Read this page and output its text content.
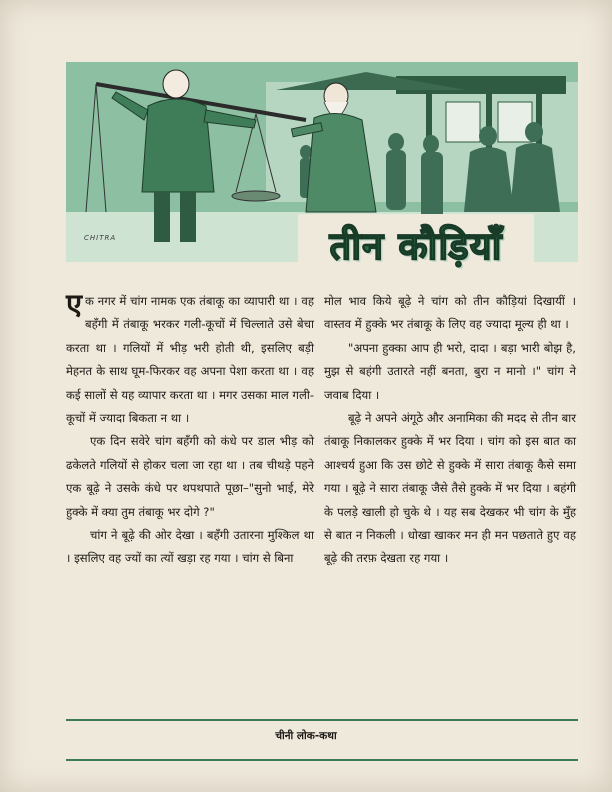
CHITRA	तीन कौड़ियाँ

एक नगर में चांग नामक एक तंबाकू का व्यापारी था । वह बहँगी में तंबाकू भरकर गली-कूचों में चिल्लाते उसे बेचा करता था । गलियों में भीड़ भरी होती थी, इसलिए बड़ी मेहनत के साथ घूम-फिरकर वह अपना पेशा करता था । वह कई सालों से यह व्यापार करता था । मगर उसका माल गली-कूचों में ज्यादा बिकता न था ।

एक दिन सवेरे चांग बहँगी को कंधे पर डाल भीड़ को ढकेलते गलियों से होकर चला जा रहा था । तब चीथड़े पहने एक बूढ़े ने उसके कंधे पर थपथपाते पूछा–"सुनो भाई, मेरे हुक्के में क्या तुम तंबाकू भर दोगे ?"

चांग ने बूढ़े की ओर देखा । बहँगी उतारना मुश्किल था । इसलिए वह ज्यों का त्यों खड़ा रह गया । चांग से बिना

मोल भाव किये बूढ़े ने चांग को तीन कौड़ियां दिखायीं । वास्तव में हुक्के भर तंबाकू के लिए वह ज्यादा मूल्य ही था ।

"अपना हुक्का आप ही भरो, दादा । बड़ा भारी बोझ है, मुझ से बहंगी उतारते नहीं बनता, बुरा न मानो ।" चांग ने जवाब दिया ।

बूढ़े ने अपने अंगूठे और अनामिका की मदद से तीन बार तंबाकू निकालकर हुक्के में भर दिया । चांग को इस बात का आश्चर्य हुआ कि उस छोटे से हुक्के में सारा तंबाकू कैसे समा गया । बूढ़े ने सारा तंबाकू जैसे तैसे हुक्के में भर दिया । बहंगी के पलड़े खाली हो चुके थे । यह सब देखकर भी चांग के मुँह से बात न निकली । धोखा खाकर मन ही मन पछताते हुए वह बूढ़े की तरफ़ देखता रह गया ।

चीनी लोक-कथा
